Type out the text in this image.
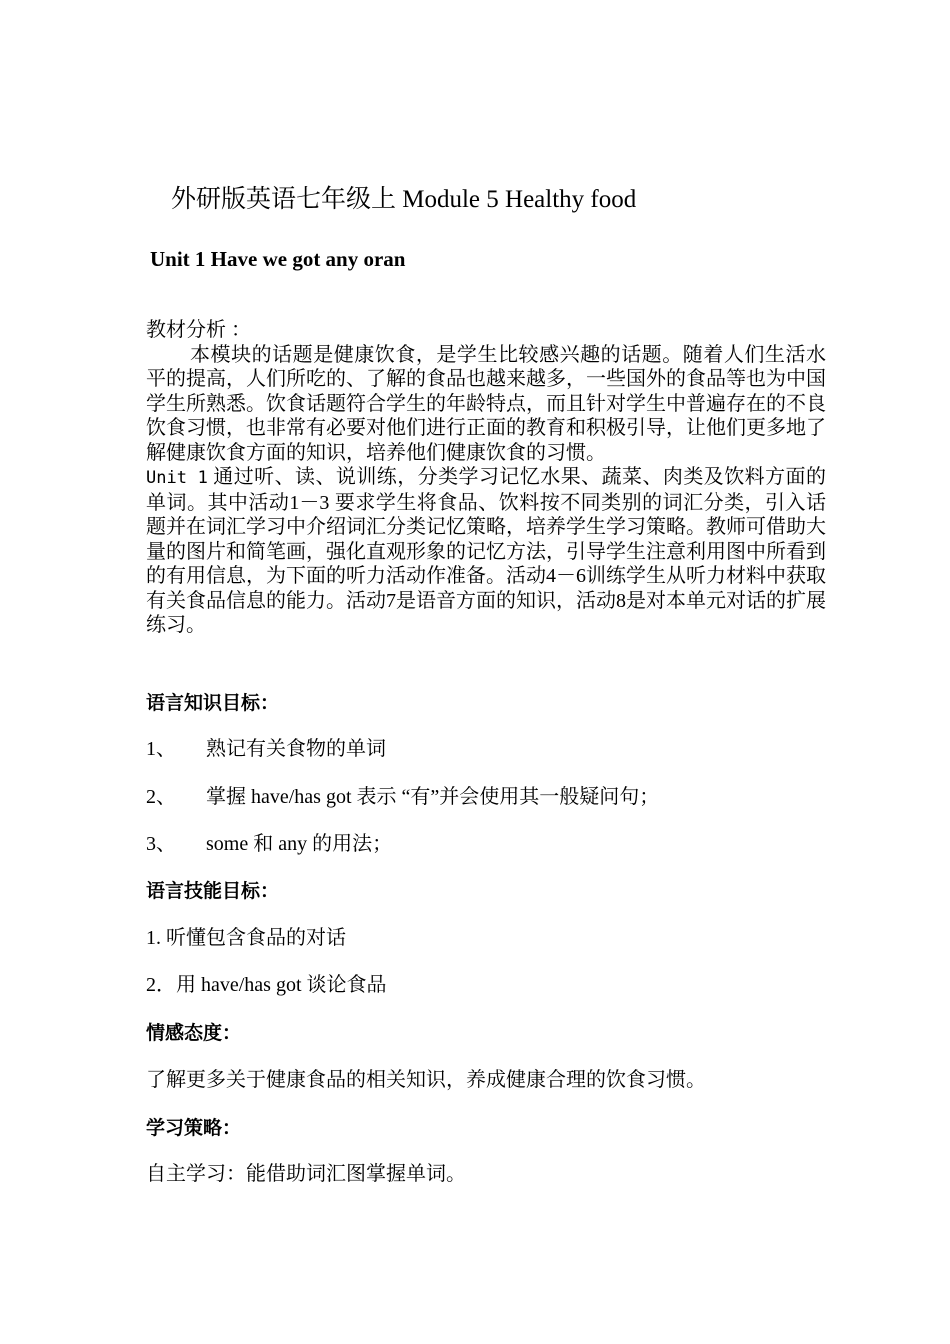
外研版英语七年级上 Module 5 Healthy food
Unit 1 Have we got any oran

教材分析 ：

本模块的话题是健康饮食，是学生比较感兴趣的话题。随着人们生活水平的提高，人们所吃的、了解的食品也越来越多，一些国外的食品等也为中国学生所熟悉。饮食话题符合学生的年龄特点，而且针对学生中普遍存在的不良饮食习惯，也非常有必要对他们进行正面的教育和积极引导，让他们更多地了解健康饮食方面的知识，培养他们健康饮食的习惯。

Unit 1 通过听、读、说训练，分类学习记忆水果、蔬菜、肉类及饮料方面的单词。其中活动1－3 要求学生将食品、饮料按不同类别的词汇分类，引入话题并在词汇学习中介绍词汇分类记忆策略，培养学生学习策略。教师可借助大量的图片和简笔画，强化直观形象的记忆方法，引导学生注意利用图中所看到的有用信息，为下面的听力活动作准备。活动4－6训练学生从听力材料中获取有关食品信息的能力。活动7是语音方面的知识，活动8是对本单元对话的扩展练习。

语言知识目标：
1、 熟记有关食物的单词
2、 掌握 have/has got 表示 “有”并会使用其一般疑问句；
3、 some 和 any 的用法；
语言技能目标：
1. 听懂包含食品的对话
2．用 have/has got 谈论食品
情感态度：
了解更多关于健康食品的相关知识，养成健康合理的饮食习惯。
学习策略：
自主学习：能借助词汇图掌握单词。
